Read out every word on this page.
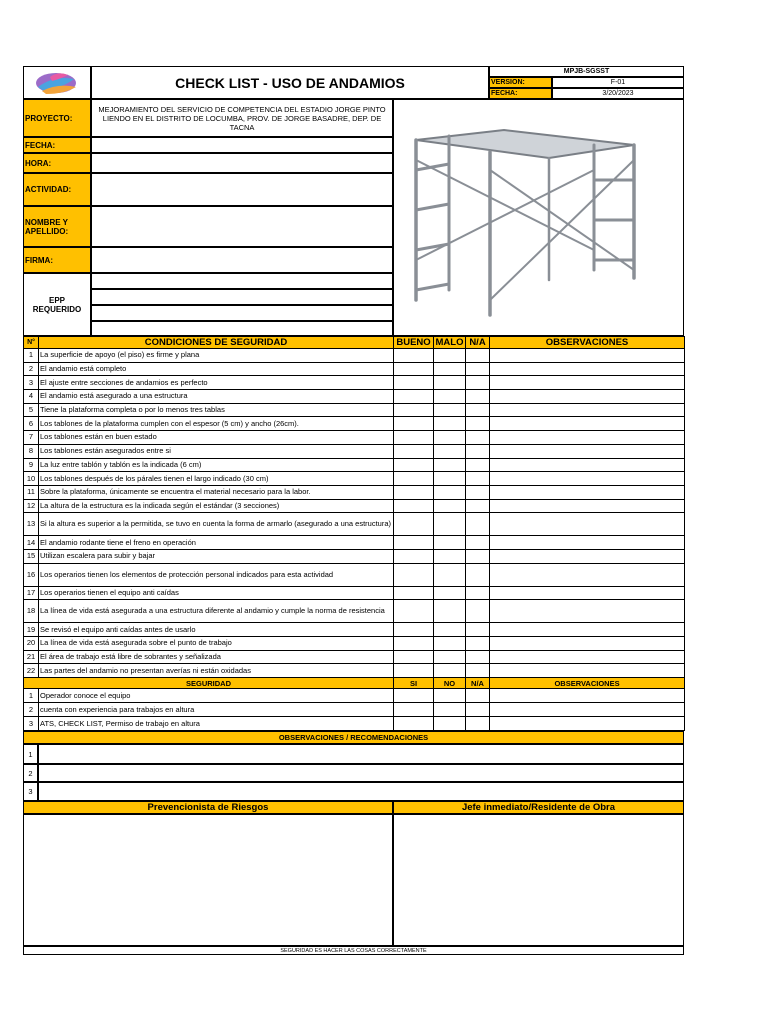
CHECK LIST - USO DE ANDAMIOS
MPJB-SGSST
VERSION:	F-01
FECHA:	3/20/2023
PROYECTO:
MEJORAMIENTO DEL SERVICIO DE COMPETENCIA DEL ESTADIO JORGE PINTO LIENDO EN EL DISTRITO DE LOCUMBA, PROV. DE JORGE BASADRE, DEP. DE TACNA
FECHA:
HORA:
ACTIVIDAD:
NOMBRE Y APELLIDO:
FIRMA:
EPP REQUERIDO
N°	CONDICIONES DE SEGURIDAD	BUENO	MALO	N/A	OBSERVACIONES
1	La superficie de apoyo (el piso) es firme y plana				
2	El andamio está completo				
3	El ajuste entre secciones de andamios es perfecto				
4	El andamio está asegurado a una estructura				
5	Tiene la plataforma completa o por lo menos tres tablas				
6	Los tablones de la plataforma cumplen con el espesor (5 cm) y ancho (26cm).				
7	Los tablones están en buen estado				
8	Los tablones están asegurados entre si				
9	La luz entre tablón y tablón es la indicada (6 cm)				
10	Los tablones después de los párales tienen el largo indicado (30 cm)				
11	Sobre la plataforma, únicamente se encuentra el material necesario para la labor.				
12	La altura de la estructura es la indicada según el estándar (3 secciones)				
13	Si la altura es superior a la permitida, se tuvo en cuenta la forma de armarlo (asegurado a una estructura)				
14	El andamio rodante tiene el freno en operación				
15	Utilizan escalera para subir y bajar				
16	Los operarios tienen los elementos de protección personal indicados para esta actividad				
17	Los operarios tienen el equipo anti caídas				
18	La línea de vida está asegurada a una estructura diferente al andamio y cumple la norma de resistencia				
19	Se revisó el equipo anti caídas antes de usarlo				
20	La línea de vida está asegurada sobre el punto de trabajo				
21	El área de trabajo está libre de sobrantes y señalizada				
22	Las partes del andamio no presentan averías ni están oxidadas				
SEGURIDAD		SI	NO	N/A	OBSERVACIONES
1	Operador conoce el equipo				
2	cuenta con experiencia para trabajos en altura				
3	ATS, CHECK LIST, Permiso de trabajo en altura				
OBSERVACIONES / RECOMENDACIONES
1
2
3
Prevencionista de Riesgos	Jefe inmediato/Residente de Obra
SEGURIDAD ES HACER LAS COSAS CORRECTAMENTE
